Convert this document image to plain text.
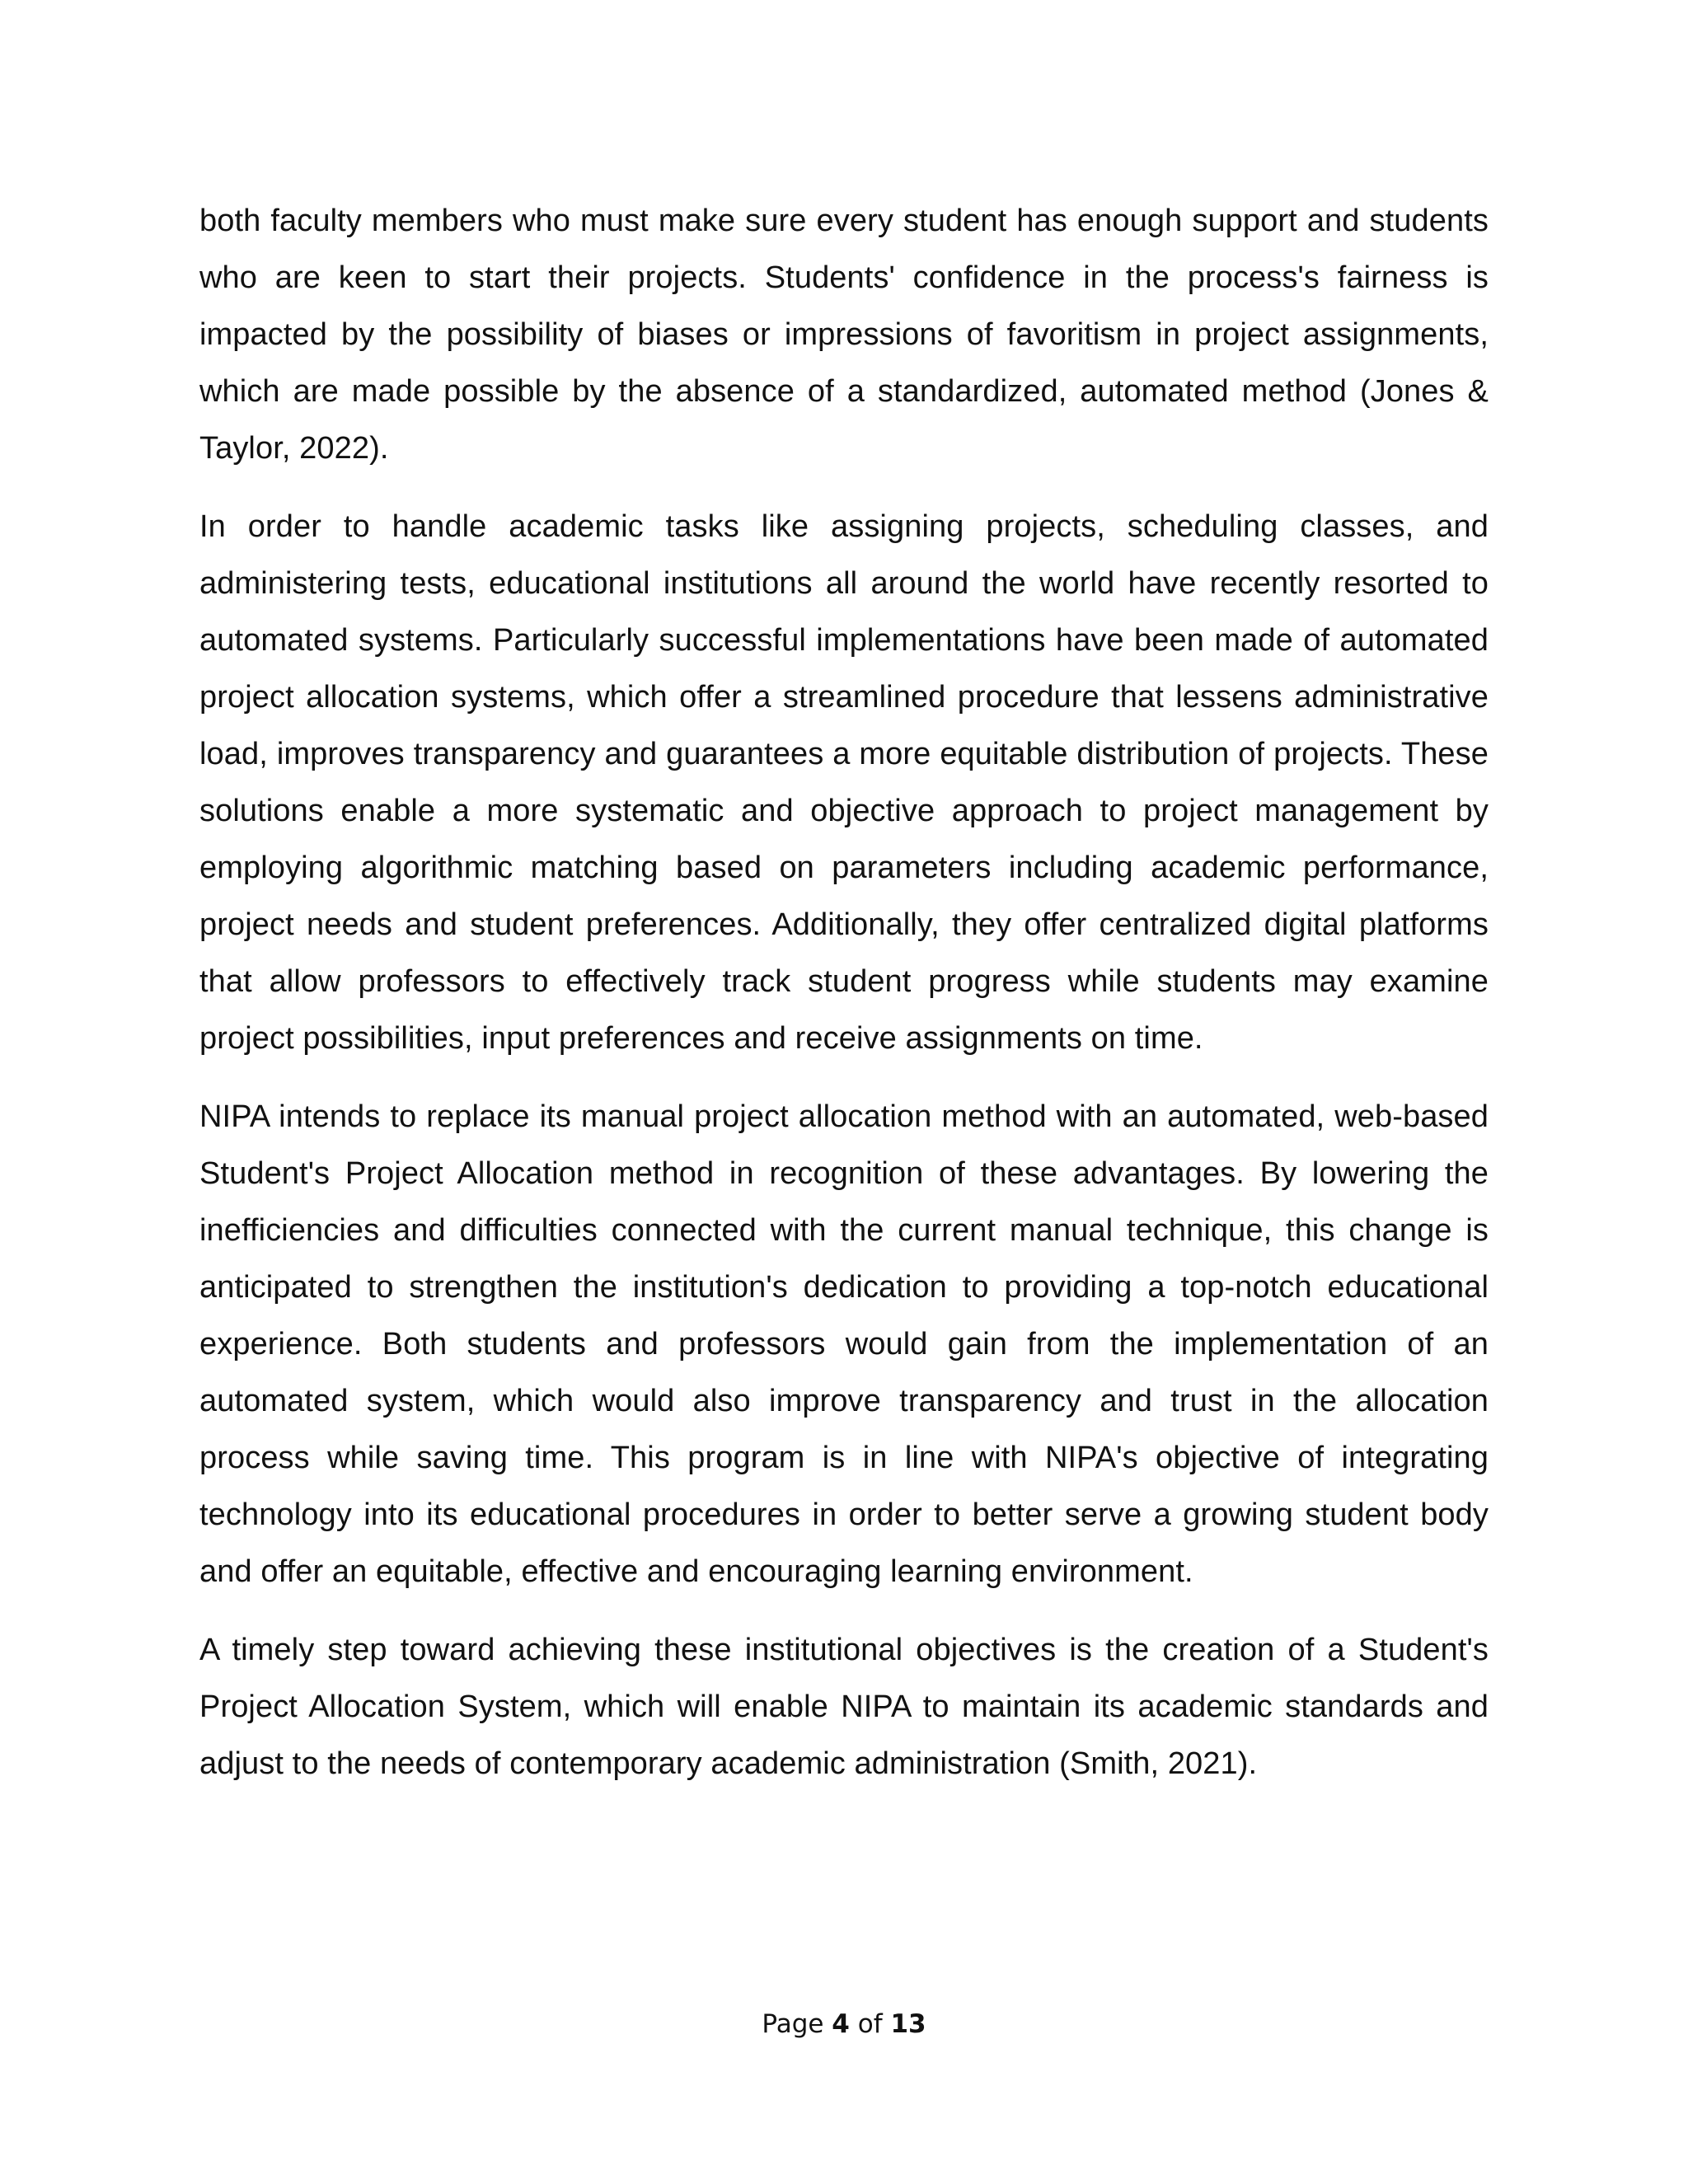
both faculty members who must make sure every student has enough support and students who are keen to start their projects. Students' confidence in the process's fairness is impacted by the possibility of biases or impressions of favoritism in project assignments, which are made possible by the absence of a standardized, automated method (Jones & Taylor, 2022).

In order to handle academic tasks like assigning projects, scheduling classes, and administering tests, educational institutions all around the world have recently resorted to automated systems. Particularly successful implementations have been made of automated project allocation systems, which offer a streamlined procedure that lessens administrative load, improves transparency and guarantees a more equitable distribution of projects. These solutions enable a more systematic and objective approach to project management by employing algorithmic matching based on parameters including academic performance, project needs and student preferences. Additionally, they offer centralized digital platforms that allow professors to effectively track student progress while students may examine project possibilities, input preferences and receive assignments on time.

NIPA intends to replace its manual project allocation method with an automated, web-based Student's Project Allocation method in recognition of these advantages. By lowering the inefficiencies and difficulties connected with the current manual technique, this change is anticipated to strengthen the institution's dedication to providing a top-notch educational experience. Both students and professors would gain from the implementation of an automated system, which would also improve transparency and trust in the allocation process while saving time. This program is in line with NIPA's objective of integrating technology into its educational procedures in order to better serve a growing student body and offer an equitable, effective and encouraging learning environment.

A timely step toward achieving these institutional objectives is the creation of a Student's Project Allocation System, which will enable NIPA to maintain its academic standards and adjust to the needs of contemporary academic administration (Smith, 2021).

Page 4 of 13
